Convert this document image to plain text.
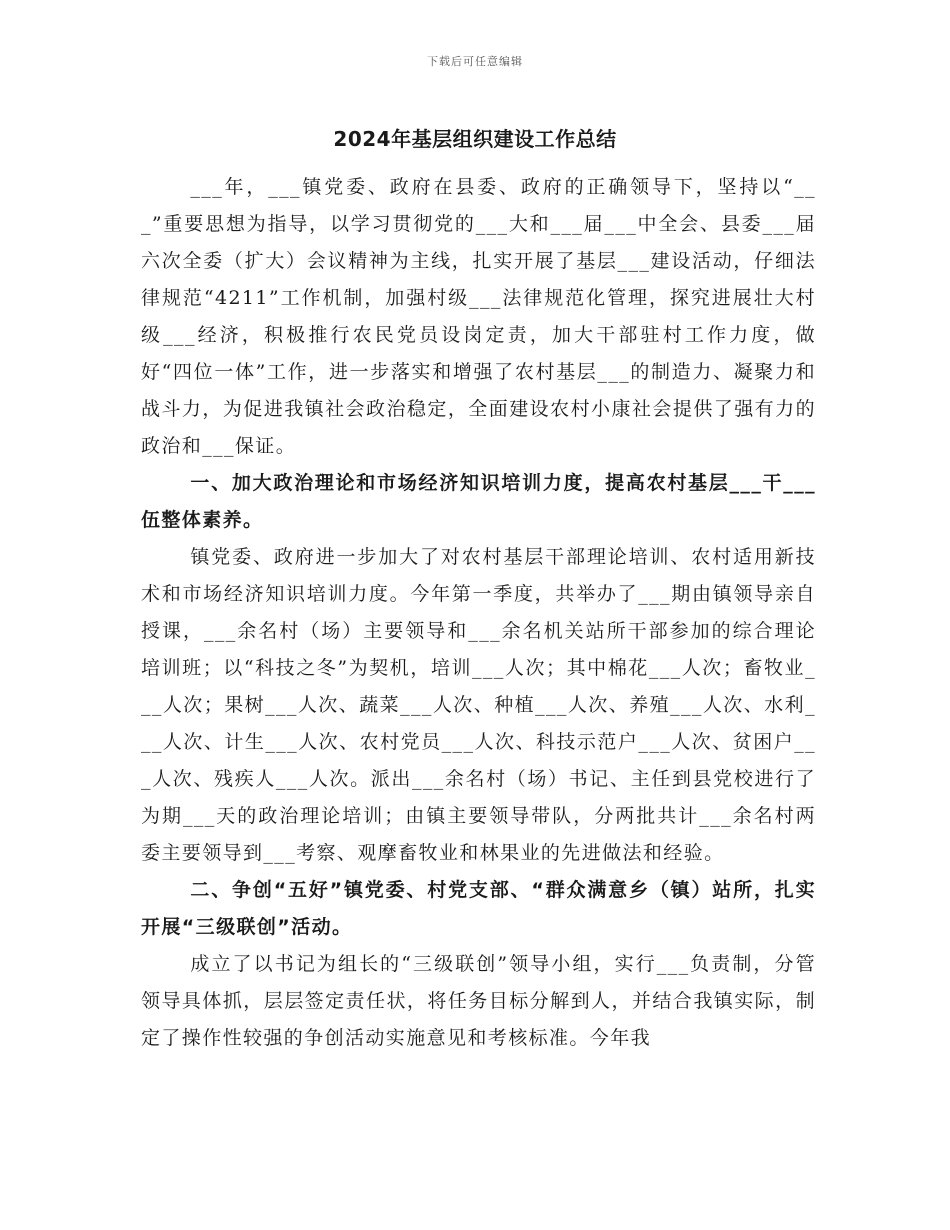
下载后可任意编辑
2024年基层组织建设工作总结

___年，___镇党委、政府在县委、政府的正确领导下，坚持以“___”重要思想为指导，以学习贯彻党的___大和___届___中全会、县委___届六次全委（扩大）会议精神为主线，扎实开展了基层___建设活动，仔细法律规范“4211”工作机制，加强村级___法律规范化管理，探究进展壮大村级___经济，积极推行农民党员设岗定责，加大干部驻村工作力度，做好“四位一体”工作，进一步落实和增强了农村基层___的制造力、凝聚力和战斗力，为促进我镇社会政治稳定，全面建设农村小康社会提供了强有力的政治和___保证。

一、加大政治理论和市场经济知识培训力度，提高农村基层___干___伍整体素养。

镇党委、政府进一步加大了对农村基层干部理论培训、农村适用新技术和市场经济知识培训力度。今年第一季度，共举办了___期由镇领导亲自授课，___余名村（场）主要领导和___余名机关站所干部参加的综合理论培训班；以“科技之冬”为契机，培训___人次；其中棉花___人次；畜牧业___人次；果树___人次、蔬菜___人次、种植___人次、养殖___人次、水利___人次、计生___人次、农村党员___人次、科技示范户___人次、贫困户___人次、残疾人___人次。派出___余名村（场）书记、主任到县党校进行了为期___天的政治理论培训；由镇主要领导带队，分两批共计___余名村两委主要领导到___考察、观摩畜牧业和林果业的先进做法和经验。

二、争创“五好”镇党委、村党支部、“群众满意乡（镇）站所，扎实开展“三级联创”活动。

成立了以书记为组长的“三级联创”领导小组，实行___负责制，分管领导具体抓，层层签定责任状，将任务目标分解到人，并结合我镇实际，制定了操作性较强的争创活动实施意见和考核标准。今年我
